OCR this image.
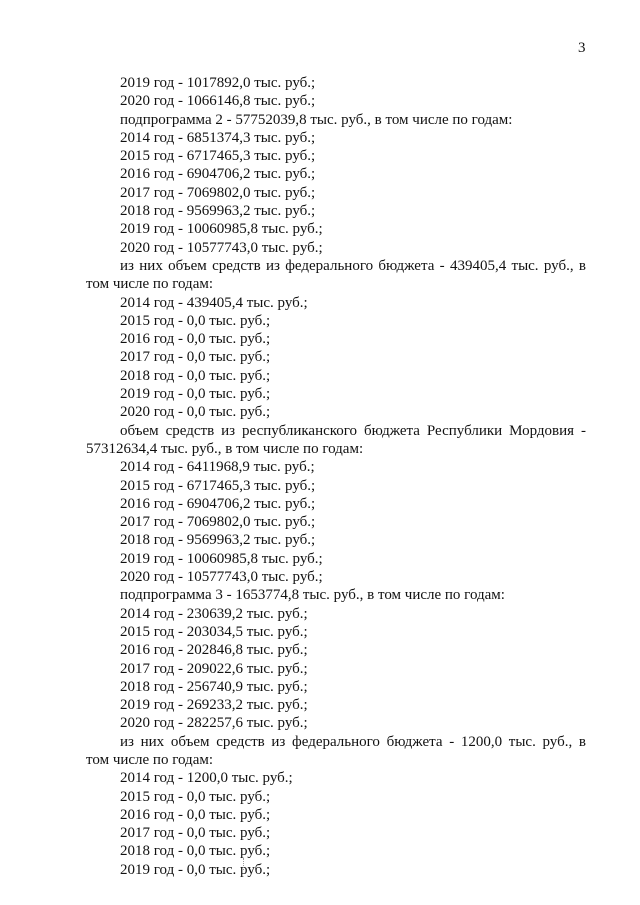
3
2019 год - 1017892,0 тыс. руб.;
2020 год - 1066146,8 тыс. руб.;
подпрограмма 2 - 57752039,8 тыс. руб., в том числе по годам:
2014 год - 6851374,3 тыс. руб.;
2015 год - 6717465,3 тыс. руб.;
2016 год - 6904706,2 тыс. руб.;
2017 год - 7069802,0 тыс. руб.;
2018 год - 9569963,2 тыс. руб.;
2019 год - 10060985,8 тыс. руб.;
2020 год - 10577743,0 тыс. руб.;
из них объем средств из федерального бюджета - 439405,4 тыс. руб., в
том числе по годам:
2014 год - 439405,4 тыс. руб.;
2015 год - 0,0 тыс. руб.;
2016 год - 0,0 тыс. руб.;
2017 год - 0,0 тыс. руб.;
2018 год - 0,0 тыс. руб.;
2019 год - 0,0 тыс. руб.;
2020 год - 0,0 тыс. руб.;
объем средств из республиканского бюджета Республики Мордовия -
57312634,4 тыс. руб., в том числе по годам:
2014 год - 6411968,9 тыс. руб.;
2015 год - 6717465,3 тыс. руб.;
2016 год - 6904706,2 тыс. руб.;
2017 год - 7069802,0 тыс. руб.;
2018 год - 9569963,2 тыс. руб.;
2019 год - 10060985,8 тыс. руб.;
2020 год - 10577743,0 тыс. руб.;
подпрограмма 3 - 1653774,8 тыс. руб., в том числе по годам:
2014 год - 230639,2 тыс. руб.;
2015 год - 203034,5 тыс. руб.;
2016 год - 202846,8 тыс. руб.;
2017 год - 209022,6 тыс. руб.;
2018 год - 256740,9 тыс. руб.;
2019 год - 269233,2 тыс. руб.;
2020 год - 282257,6 тыс. руб.;
из них объем средств из федерального бюджета - 1200,0 тыс. руб., в
том числе по годам:
2014 год - 1200,0 тыс. руб.;
2015 год - 0,0 тыс. руб.;
2016 год - 0,0 тыс. руб.;
2017 год - 0,0 тыс. руб.;
2018 год - 0,0 тыс. руб.;
2019 год - 0,0 тыс. руб.;
